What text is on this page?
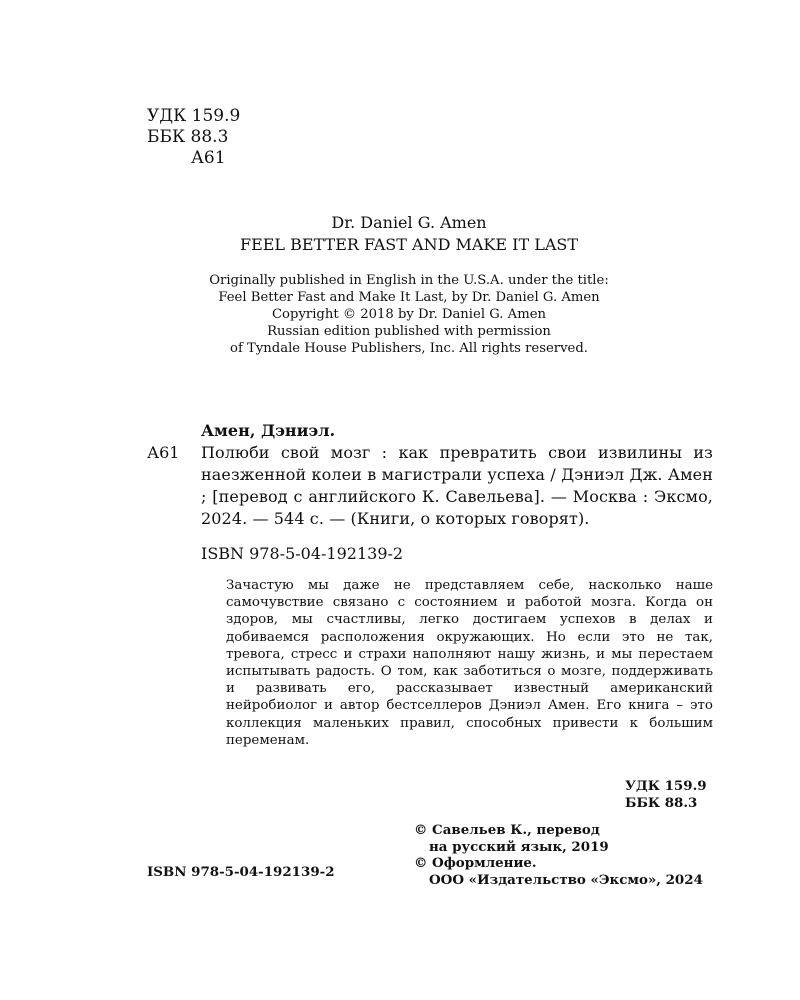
УДК 159.9
ББК 88.3
А61
Dr. Daniel G. Amen
FEEL BETTER FAST AND MAKE IT LAST
Originally published in English in the U.S.A. under the title:
Feel Better Fast and Make It Last, by Dr. Daniel G. Amen
Copyright © 2018 by Dr. Daniel G. Amen
Russian edition published with permission
of Tyndale House Publishers, Inc. All rights reserved.
Амен, Дэниэл.
А61 Полюби свой мозг : как превратить свои извилины из наезженной колеи в магистрали успеха / Дэниэл Дж. Амен ; [перевод с английского К. Савельева]. — Москва : Эксмо, 2024. — 544 с. — (Книги, о которых говорят).
ISBN 978-5-04-192139-2
Зачастую мы даже не представляем себе, насколько наше самочувствие связано с состоянием и работой мозга. Когда он здоров, мы счастливы, легко достигаем успехов в делах и добиваемся расположения окружающих. Но если это не так, тревога, стресс и страхи наполняют нашу жизнь, и мы перестаем испытывать радость. О том, как заботиться о мозге, поддерживать и развивать его, рассказывает известный американский нейробиолог и автор бестселлеров Дэниэл Амен. Его книга – это коллекция маленьких правил, способных привести к большим переменам.
УДК 159.9
ББК 88.3
© Савельев К., перевод
на русский язык, 2019
© Оформление.
ООО «Издательство «Эксмо», 2024
ISBN 978-5-04-192139-2
